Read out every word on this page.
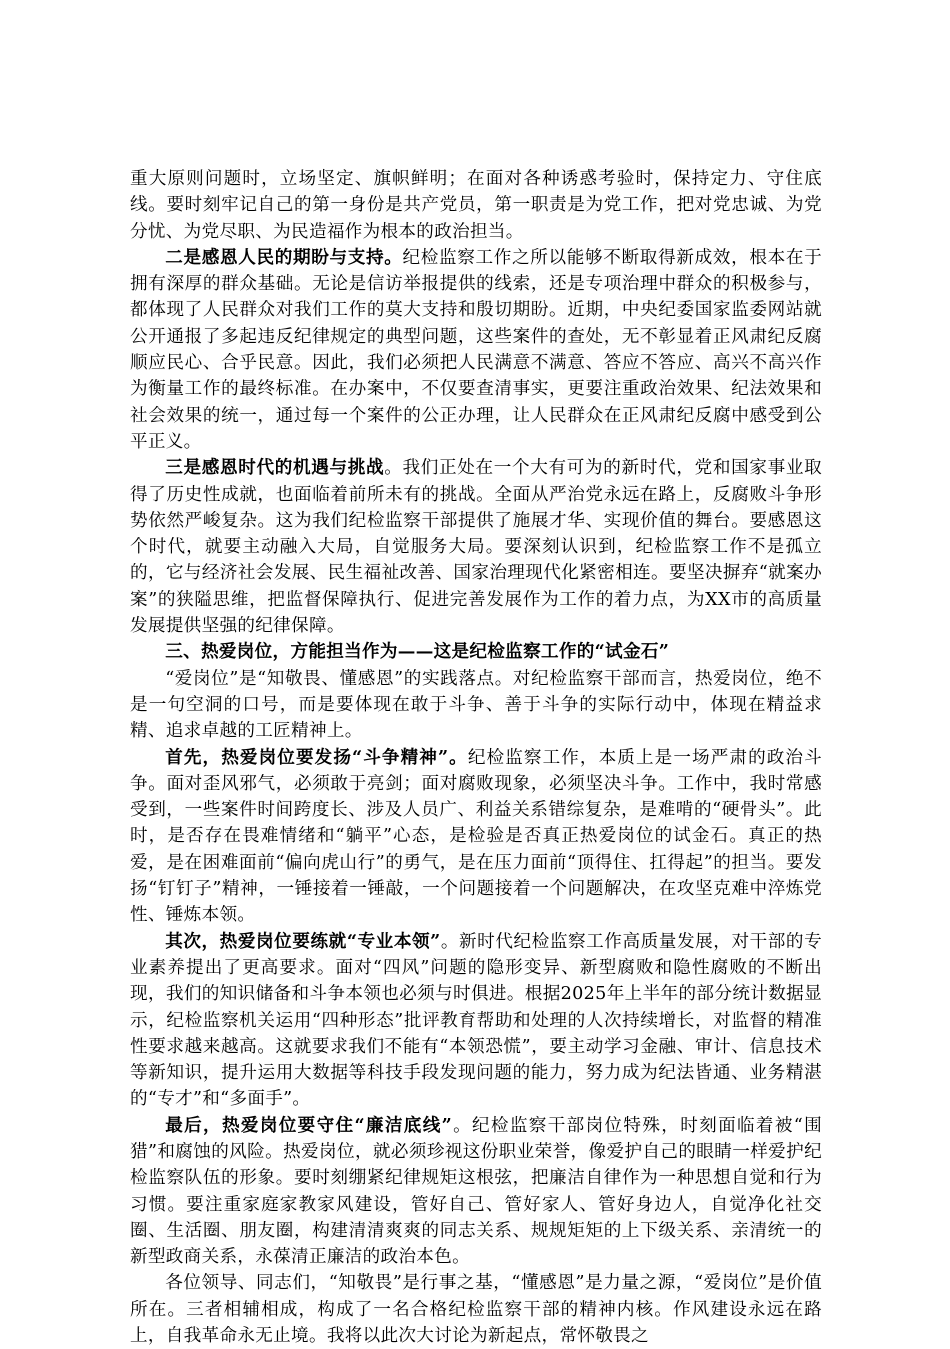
重大原则问题时，立场坚定、旗帜鲜明；在面对各种诱惑考验时，保持定力、守住底线。要时刻牢记自己的第一身份是共产党员，第一职责是为党工作，把对党忠诚、为党分忧、为党尽职、为民造福作为根本的政治担当。

二是感恩人民的期盼与支持。纪检监察工作之所以能够不断取得新成效，根本在于拥有深厚的群众基础。无论是信访举报提供的线索，还是专项治理中群众的积极参与，都体现了人民群众对我们工作的莫大支持和殷切期盼。近期，中央纪委国家监委网站就公开通报了多起违反纪律规定的典型问题，这些案件的查处，无不彰显着正风肃纪反腐顺应民心、合乎民意。因此，我们必须把人民满意不满意、答应不答应、高兴不高兴作为衡量工作的最终标准。在办案中，不仅要查清事实，更要注重政治效果、纪法效果和社会效果的统一，通过每一个案件的公正办理，让人民群众在正风肃纪反腐中感受到公平正义。

三是感恩时代的机遇与挑战。我们正处在一个大有可为的新时代，党和国家事业取得了历史性成就，也面临着前所未有的挑战。全面从严治党永远在路上，反腐败斗争形势依然严峻复杂。这为我们纪检监察干部提供了施展才华、实现价值的舞台。要感恩这个时代，就要主动融入大局，自觉服务大局。要深刻认识到，纪检监察工作不是孤立的，它与经济社会发展、民生福祉改善、国家治理现代化紧密相连。要坚决摒弃“就案办案”的狭隘思维，把监督保障执行、促进完善发展作为工作的着力点，为XX市的高质量发展提供坚强的纪律保障。

三、热爱岗位，方能担当作为——这是纪检监察工作的“试金石”

“爱岗位”是“知敬畏、懂感恩”的实践落点。对纪检监察干部而言，热爱岗位，绝不是一句空洞的口号，而是要体现在敢于斗争、善于斗争的实际行动中，体现在精益求精、追求卓越的工匠精神上。

首先，热爱岗位要发扬“斗争精神”。纪检监察工作，本质上是一场严肃的政治斗争。面对歪风邪气，必须敢于亮剑；面对腐败现象，必须坚决斗争。工作中，我时常感受到，一些案件时间跨度长、涉及人员广、利益关系错综复杂，是难啃的“硬骨头”。此时，是否存在畏难情绪和“躺平”心态，是检验是否真正热爱岗位的试金石。真正的热爱，是在困难面前“偏向虎山行”的勇气，是在压力面前“顶得住、扛得起”的担当。要发扬“钉钉子”精神，一锤接着一锤敲，一个问题接着一个问题解决，在攻坚克难中淬炼党性、锤炼本领。

其次，热爱岗位要练就“专业本领”。新时代纪检监察工作高质量发展，对干部的专业素养提出了更高要求。面对“四风”问题的隐形变异、新型腐败和隐性腐败的不断出现，我们的知识储备和斗争本领也必须与时俱进。根据2025年上半年的部分统计数据显示，纪检监察机关运用“四种形态”批评教育帮助和处理的人次持续增长，对监督的精准性要求越来越高。这就要求我们不能有“本领恐慌”，要主动学习金融、审计、信息技术等新知识，提升运用大数据等科技手段发现问题的能力，努力成为纪法皆通、业务精湛的“专才”和“多面手”。

最后，热爱岗位要守住“廉洁底线”。纪检监察干部岗位特殊，时刻面临着被“围猎”和腐蚀的风险。热爱岗位，就必须珍视这份职业荣誉，像爱护自己的眼睛一样爱护纪检监察队伍的形象。要时刻绷紧纪律规矩这根弦，把廉洁自律作为一种思想自觉和行为习惯。要注重家庭家教家风建设，管好自己、管好家人、管好身边人，自觉净化社交圈、生活圈、朋友圈，构建清清爽爽的同志关系、规规矩矩的上下级关系、亲清统一的新型政商关系，永葆清正廉洁的政治本色。

各位领导、同志们，“知敬畏”是行事之基，“懂感恩”是力量之源，“爱岗位”是价值所在。三者相辅相成，构成了一名合格纪检监察干部的精神内核。作风建设永远在路上，自我革命永无止境。我将以此次大讨论为新起点，常怀敬畏之
